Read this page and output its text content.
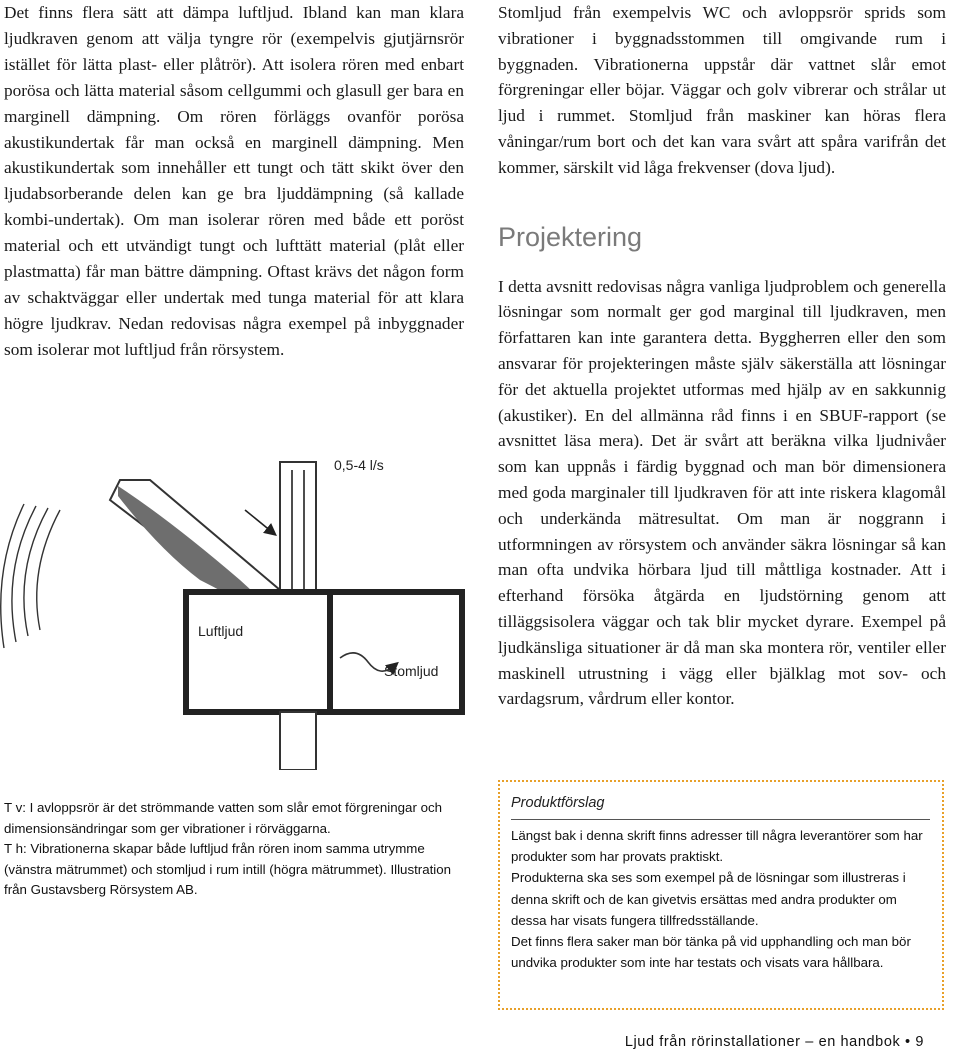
Det finns flera sätt att dämpa luftljud. Ibland kan man klara ljudkraven genom att välja tyngre rör (exempelvis gjutjärnsrör istället för lätta plast- eller plåtrör). Att isolera rören med enbart porösa och lätta material såsom cellgummi och glasull ger bara en marginell dämpning. Om rören förläggs ovanför porösa akustikundertak får man också en marginell dämpning. Men akustikundertak som innehåller ett tungt och tätt skikt över den ljudabsorberande delen kan ge bra ljuddämpning (så kallade kombi-undertak). Om man isolerar rören med både ett poröst material och ett utvändigt tungt och lufttätt material (plåt eller plastmatta) får man bättre dämpning. Oftast krävs det någon form av schaktväggar eller undertak med tunga material för att klara högre ljudkrav. Nedan redovisas några exempel på inbyggnader som isolerar mot luftljud från rörsystem.

0,5-4 l/s
Luftljud
Stomljud

T v: I avloppsrör är det strömmande vatten som slår emot förgreningar och dimensionsändringar som ger vibrationer i rörväggarna.

T h: Vibrationerna skapar både luftljud från rören inom samma utrymme (vänstra mätrummet) och stomljud i rum intill (högra mätrummet). Illustration från Gustavsberg Rörsystem AB.

Stomljud från exempelvis WC och avloppsrör sprids som vibrationer i byggnadsstommen till omgivande rum i byggnaden. Vibrationerna uppstår där vattnet slår emot förgreningar eller böjar. Väggar och golv vibrerar och strålar ut ljud i rummet. Stomljud från maskiner kan höras flera våningar/rum bort och det kan vara svårt att spåra varifrån det kommer, särskilt vid låga frekvenser (dova ljud).

Projektering

I detta avsnitt redovisas några vanliga ljudproblem och generella lösningar som normalt ger god marginal till ljudkraven, men författaren kan inte garantera detta. Byggherren eller den som ansvarar för projekteringen måste själv säkerställa att lösningar för det aktuella projektet utformas med hjälp av en sakkunnig (akustiker). En del allmänna råd finns i en SBUF-rapport (se avsnittet läsa mera). Det är svårt att beräkna vilka ljudnivåer som kan uppnås i färdig byggnad och man bör dimensionera med goda marginaler till ljudkraven för att inte riskera klagomål och underkända mätresultat. Om man är noggrann i utformningen av rörsystem och använder säkra lösningar så kan man ofta undvika hörbara ljud till måttliga kostnader. Att i efterhand försöka åtgärda en ljudstörning genom att tilläggsisolera väggar och tak blir mycket dyrare. Exempel på ljudkänsliga situationer är då man ska montera rör, ventiler eller maskinell utrustning i vägg eller bjälklag mot sov- och vardagsrum, vårdrum eller kontor.

Produktförslag

Längst bak i denna skrift finns adresser till några leverantörer som har produkter som har provats praktiskt.

Produkterna ska ses som exempel på de lösningar som illustreras i denna skrift och de kan givetvis ersättas med andra produkter om dessa har visats fungera tillfredsställande.

Det finns flera saker man bör tänka på vid upphandling och man bör undvika produkter som inte har testats och visats vara hållbara.

Ljud från rörinstallationer – en handbok • 9
